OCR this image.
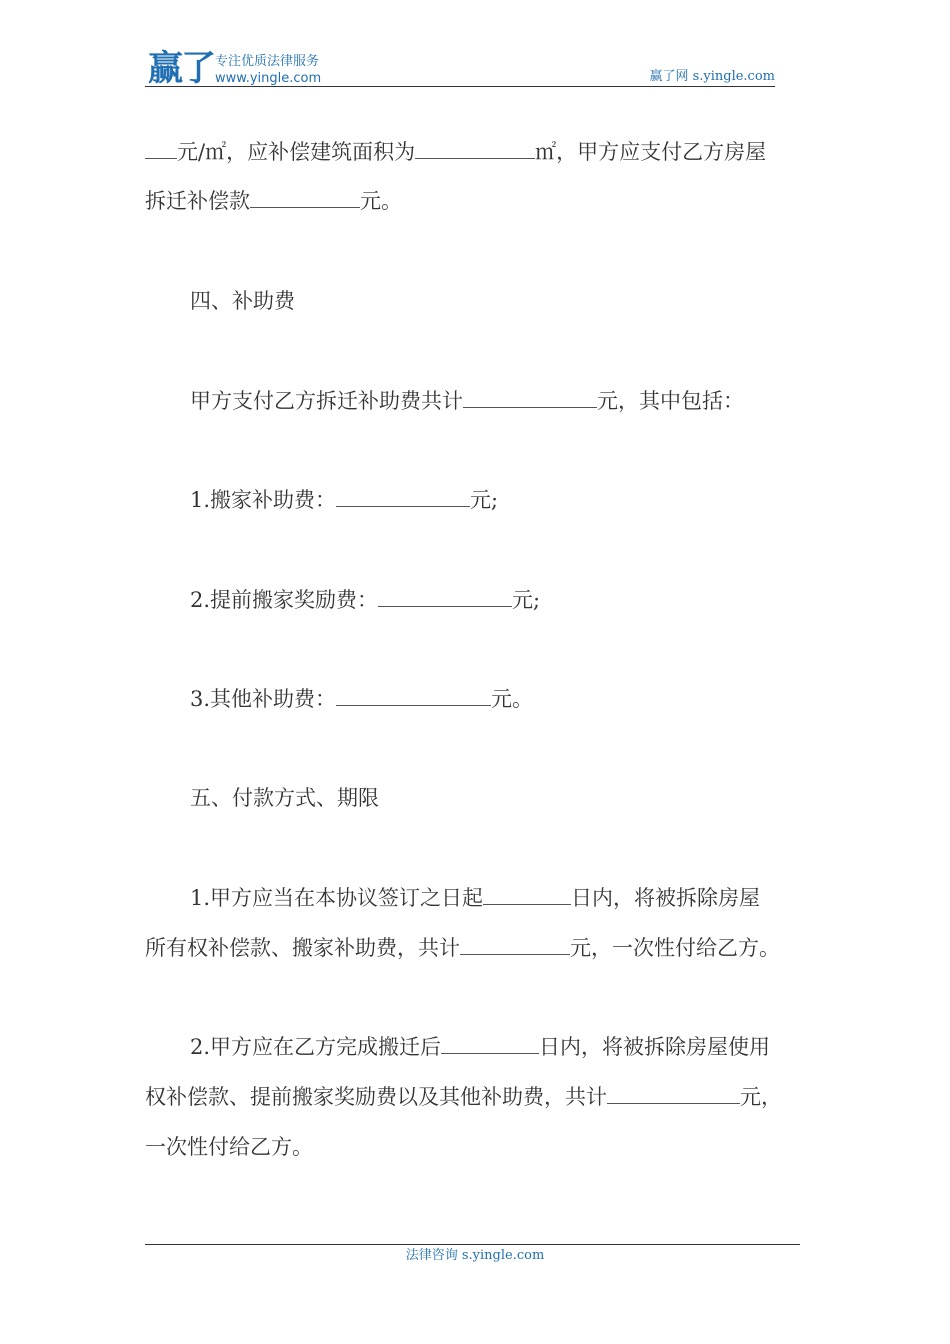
赢了 专注优质法律服务
www.yingle.com	赢了网 s.yingle.com
元/㎡，应补偿建筑面积为	㎡，甲方应支付乙方房屋
拆迁补偿款	元。
四、补助费
甲方支付乙方拆迁补助费共计	元，其中包括：
1.搬家补助费：	元;
2.提前搬家奖励费：	元;
3.其他补助费：	元。
五、付款方式、期限
1.甲方应当在本协议签订之日起	日内，将被拆除房屋
所有权补偿款、搬家补助费，共计	元，一次性付给乙方。
2.甲方应在乙方完成搬迁后	日内，将被拆除房屋使用
权补偿款、提前搬家奖励费以及其他补助费，共计	元，
一次性付给乙方。
法律咨询 s.yingle.com
